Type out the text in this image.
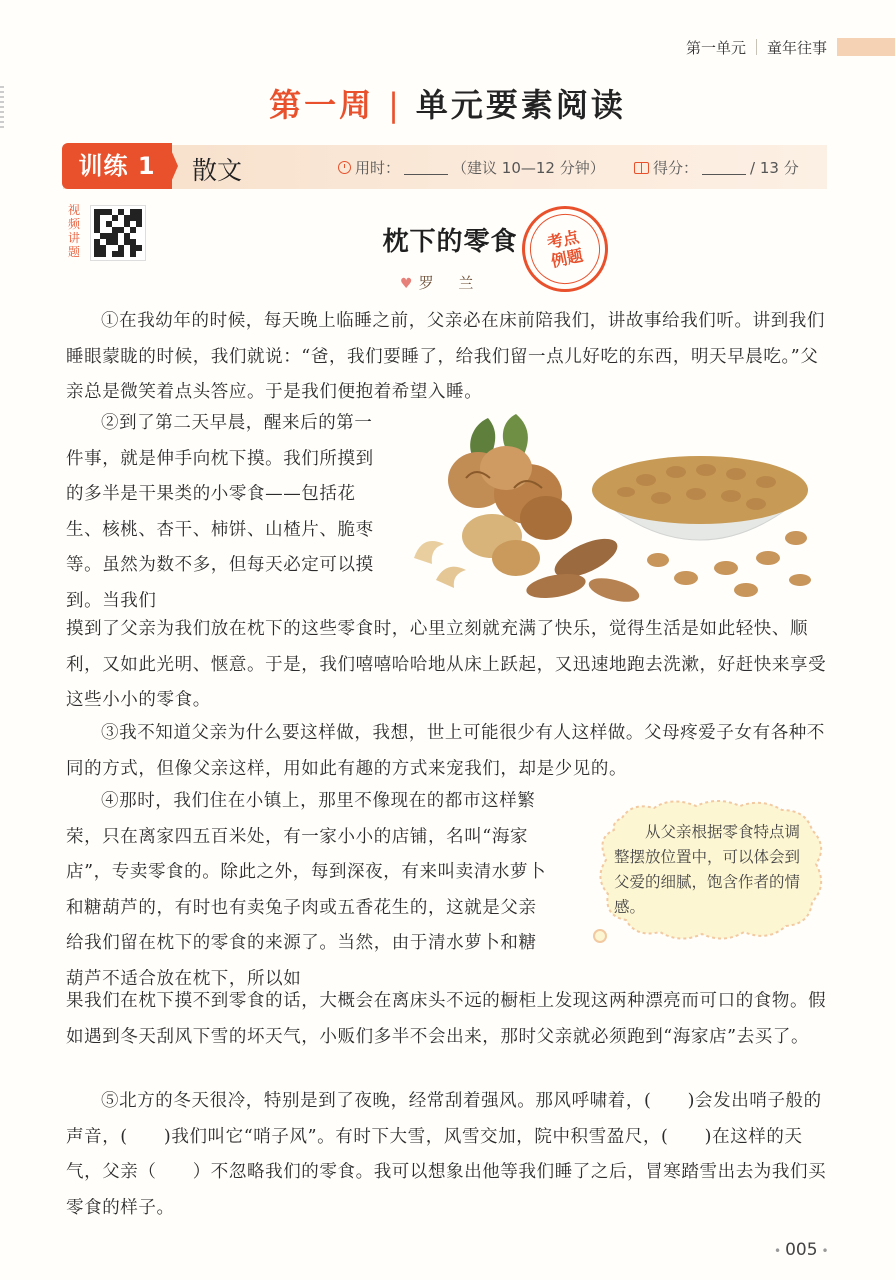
第一单元 童年往事
第一周 | 单元要素阅读
训练 1	散文	用时：	（建议 10—12 分钟）	得分：	/ 13 分
视频讲题	枕下的零食	考点
例题
♥ 罗 兰

①在我幼年的时候，每天晚上临睡之前，父亲必在床前陪我们，讲故事给我们听。讲到我们睡眼蒙眬的时候，我们就说：“爸，我们要睡了，给我们留一点儿好吃的东西，明天早晨吃。”父亲总是微笑着点头答应。于是我们便抱着希望入睡。

②到了第二天早晨，醒来后的第一件事，就是伸手向枕下摸。我们所摸到的多半是干果类的小零食——包括花生、核桃、杏干、柿饼、山楂片、脆枣等。虽然为数不多，但每天必定可以摸到。当我们

摸到了父亲为我们放在枕下的这些零食时，心里立刻就充满了快乐，觉得生活是如此轻快、顺利，又如此光明、惬意。于是，我们嘻嘻哈哈地从床上跃起，又迅速地跑去洗漱，好赶快来享受这些小小的零食。

③我不知道父亲为什么要这样做，我想，世上可能很少有人这样做。父母疼爱子女有各种不同的方式，但像父亲这样，用如此有趣的方式来宠我们，却是少见的。

④那时，我们住在小镇上，那里不像现在的都市这样繁荣，只在离家四五百米处，有一家小小的店铺，名叫“海家店”，专卖零食的。除此之外，每到深夜，有来叫卖清水萝卜和糖葫芦的，有时也有卖兔子肉或五香花生的，这就是父亲给我们留在枕下的零食的来源了。当然，由于清水萝卜和糖葫芦不适合放在枕下，所以如

从父亲根据零食特点调整摆放位置中，可以体会到父爱的细腻，饱含作者的情感。

果我们在枕下摸不到零食的话，大概会在离床头不远的橱柜上发现这两种漂亮而可口的食物。假如遇到冬天刮风下雪的坏天气，小贩们多半不会出来，那时父亲就必须跑到“海家店”去买了。

⑤北方的冬天很冷，特别是到了夜晚，经常刮着强风。那风呼啸着，(　　)会发出哨子般的声音，(　　)我们叫它“哨子风”。有时下大雪，风雪交加，院中积雪盈尺，(　　)在这样的天气，父亲（　　）不忽略我们的零食。我可以想象出他等我们睡了之后，冒寒踏雪出去为我们买零食的样子。

• 005 •
